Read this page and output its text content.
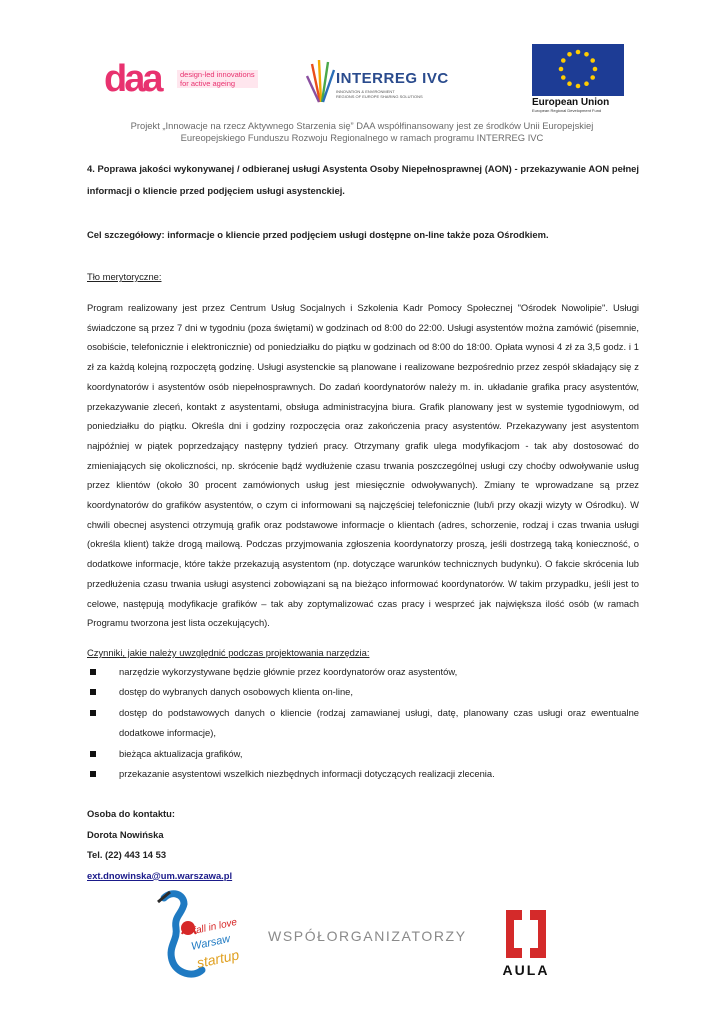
daa	design-led innovations
for active ageing	INTERREG IVC
INNOVATION & ENVIRONMENT
REGIONS OF EUROPE SHARING SOLUTIONS
European Union
European Regional Development Fund
Projekt „Innowacje na rzecz Aktywnego Starzenia się” DAA współfinansowany jest ze środków Unii Europejskiej
Eureopejskiego Funduszu Rozwoju Regionalnego w ramach programu INTERREG IVC

4. Poprawa jakości wykonywanej / odbieranej usługi Asystenta Osoby Niepełnosprawnej (AON) - przekazywanie AON pełnej informacji o kliencie przed podjęciem usługi asystenckiej.

Cel szczegółowy: informacje o kliencie przed podjęciem usługi dostępne on-line także poza Ośrodkiem.

Tło merytoryczne:

Program realizowany jest przez Centrum Usług Socjalnych i Szkolenia Kadr Pomocy Społecznej "Ośrodek Nowolipie". Usługi świadczone są przez 7 dni w tygodniu (poza świętami) w godzinach od 8:00 do 22:00. Usługi asystentów można zamówić (pisemnie, osobiście, telefonicznie i elektronicznie) od poniedziałku do piątku w godzinach od 8:00 do 18:00. Opłata wynosi 4 zł za 3,5 godz. i 1 zł za każdą kolejną rozpoczętą godzinę. Usługi asystenckie są planowane i realizowane bezpośrednio przez zespół składający się z koordynatorów i asystentów osób niepełnosprawnych. Do zadań koordynatorów należy m. in. układanie grafika pracy asystentów, przekazywanie zleceń, kontakt z asystentami, obsługa administracyjna biura. Grafik planowany jest w systemie tygodniowym, od poniedziałku do piątku. Określa dni i godziny rozpoczęcia oraz zakończenia pracy asystentów. Przekazywany jest asystentom najpóźniej w piątek poprzedzający następny tydzień pracy. Otrzymany grafik ulega modyfikacjom - tak aby dostosować do zmieniających się okoliczności, np. skrócenie bądź wydłużenie czasu trwania poszczególnej usługi czy choćby odwoływanie usług przez klientów (około 30 procent zamówionych usług jest miesięcznie odwoływanych). Zmiany te wprowadzane są przez koordynatorów do grafików asystentów, o czym ci informowani są najczęściej telefonicznie (lub/i przy okazji wizyty w Ośrodku). W chwili obecnej asystenci otrzymują grafik oraz podstawowe informacje o klientach (adres, schorzenie, rodzaj i czas trwania usługi (określa klient) także drogą mailową. Podczas przyjmowania zgłoszenia koordynatorzy proszą, jeśli dostrzegą taką konieczność, o dodatkowe informacje, które także przekazują asystentom (np. dotyczące warunków technicznych budynku). O fakcie skrócenia lub przedłużenia czasu trwania usługi asystenci zobowiązani są na bieżąco informować koordynatorów. W takim przypadku, jeśli jest to celowe, następują modyfikacje grafików – tak aby zoptymalizować czas pracy i wesprzeć jak największa ilość osób (w ramach Programu tworzona jest lista oczekujących).

Czynniki, jakie należy uwzględnić podczas projektowania narzędzia:

narzędzie wykorzystywane będzie głównie przez koordynatorów oraz asystentów,
dostęp do wybranych danych osobowych klienta on-line,
dostęp do podstawowych danych o kliencie (rodzaj zamawianej usługi, datę, planowany czas usługi oraz ewentualne dodatkowe informacje),
bieżąca aktualizacja grafików,
przekazanie asystentowi wszelkich niezbędnych informacji dotyczących realizacji zlecenia.
Osoba do kontaktu:
Dorota Nowińska
Tel. (22) 443 14 53
ext.dnowinska@um.warszawa.pl
fall in love
Warsaw
startup
WSPÓŁORGANIZATORZY
AULA
